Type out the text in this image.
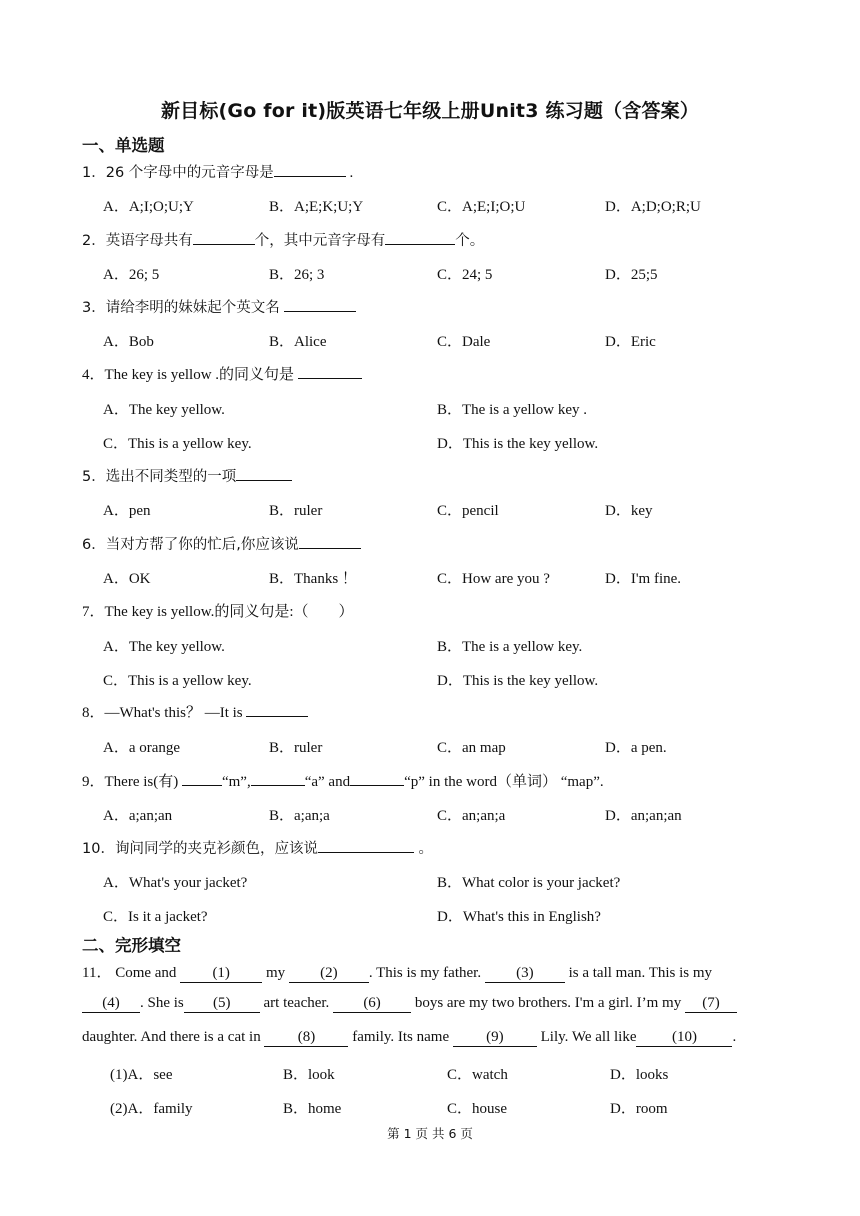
新目标(Go for it)版英语七年级上册Unit3 练习题（含答案）
一、单选题
1．26 个字母中的元音字母是	.
A．A;I;O;U;Y	B．A;E;K;U;Y	C．A;E;I;O;U	D．A;D;O;R;U
2．英语字母共有	个，其中元音字母有	个。
A．26; 5	B．26; 3	C．24; 5	D．25;5
3．请给李明的妹妹起个英文名
A．Bob	B．Alice	C．Dale	D．Eric
4．The key is yellow .的同义句是
A．The key yellow.	B．The is a yellow key .
C．This is a yellow key.	D．This is the key yellow.
5．选出不同类型的一项
A．pen	B．ruler	C．pencil	D．key
6．当对方帮了你的忙后,你应该说
A．OK	B．Thanks ！	C．How are you ?	D．I'm fine.
7．The key is yellow.的同义句是:（　　）
A．The key yellow.	B．The is a yellow key.
C．This is a yellow key.	D．This is the key yellow.
8．—What's this？ —It is
A．a orange	B．ruler	C．an map	D．a pen.
9．There is(有)	“m”,	“a” and	“p” in the word（单词） “map”.
A．a;an;an	B．a;an;a	C．an;an;a	D．an;an;an
10．询问同学的夹克衫颜色，应该说	。
A．What's your jacket?	B．What color is your jacket?
C．Is it a jacket?	D．What's this in English?
二、完形填空
11． Come and (1) my (2) . This is my father. (3) is a tall man. This is my
(4) . She is (5) art teacher. (6) boys are my two brothers. I'm a girl. I’m my (7)
daughter. And there is a cat in (8) family. Its name (9) Lily. We all like (10) .
(1)A．see	B．look	C．watch	D．looks
(2)A．family	B．home	C．house	D．room
第 1 页 共 6 页
